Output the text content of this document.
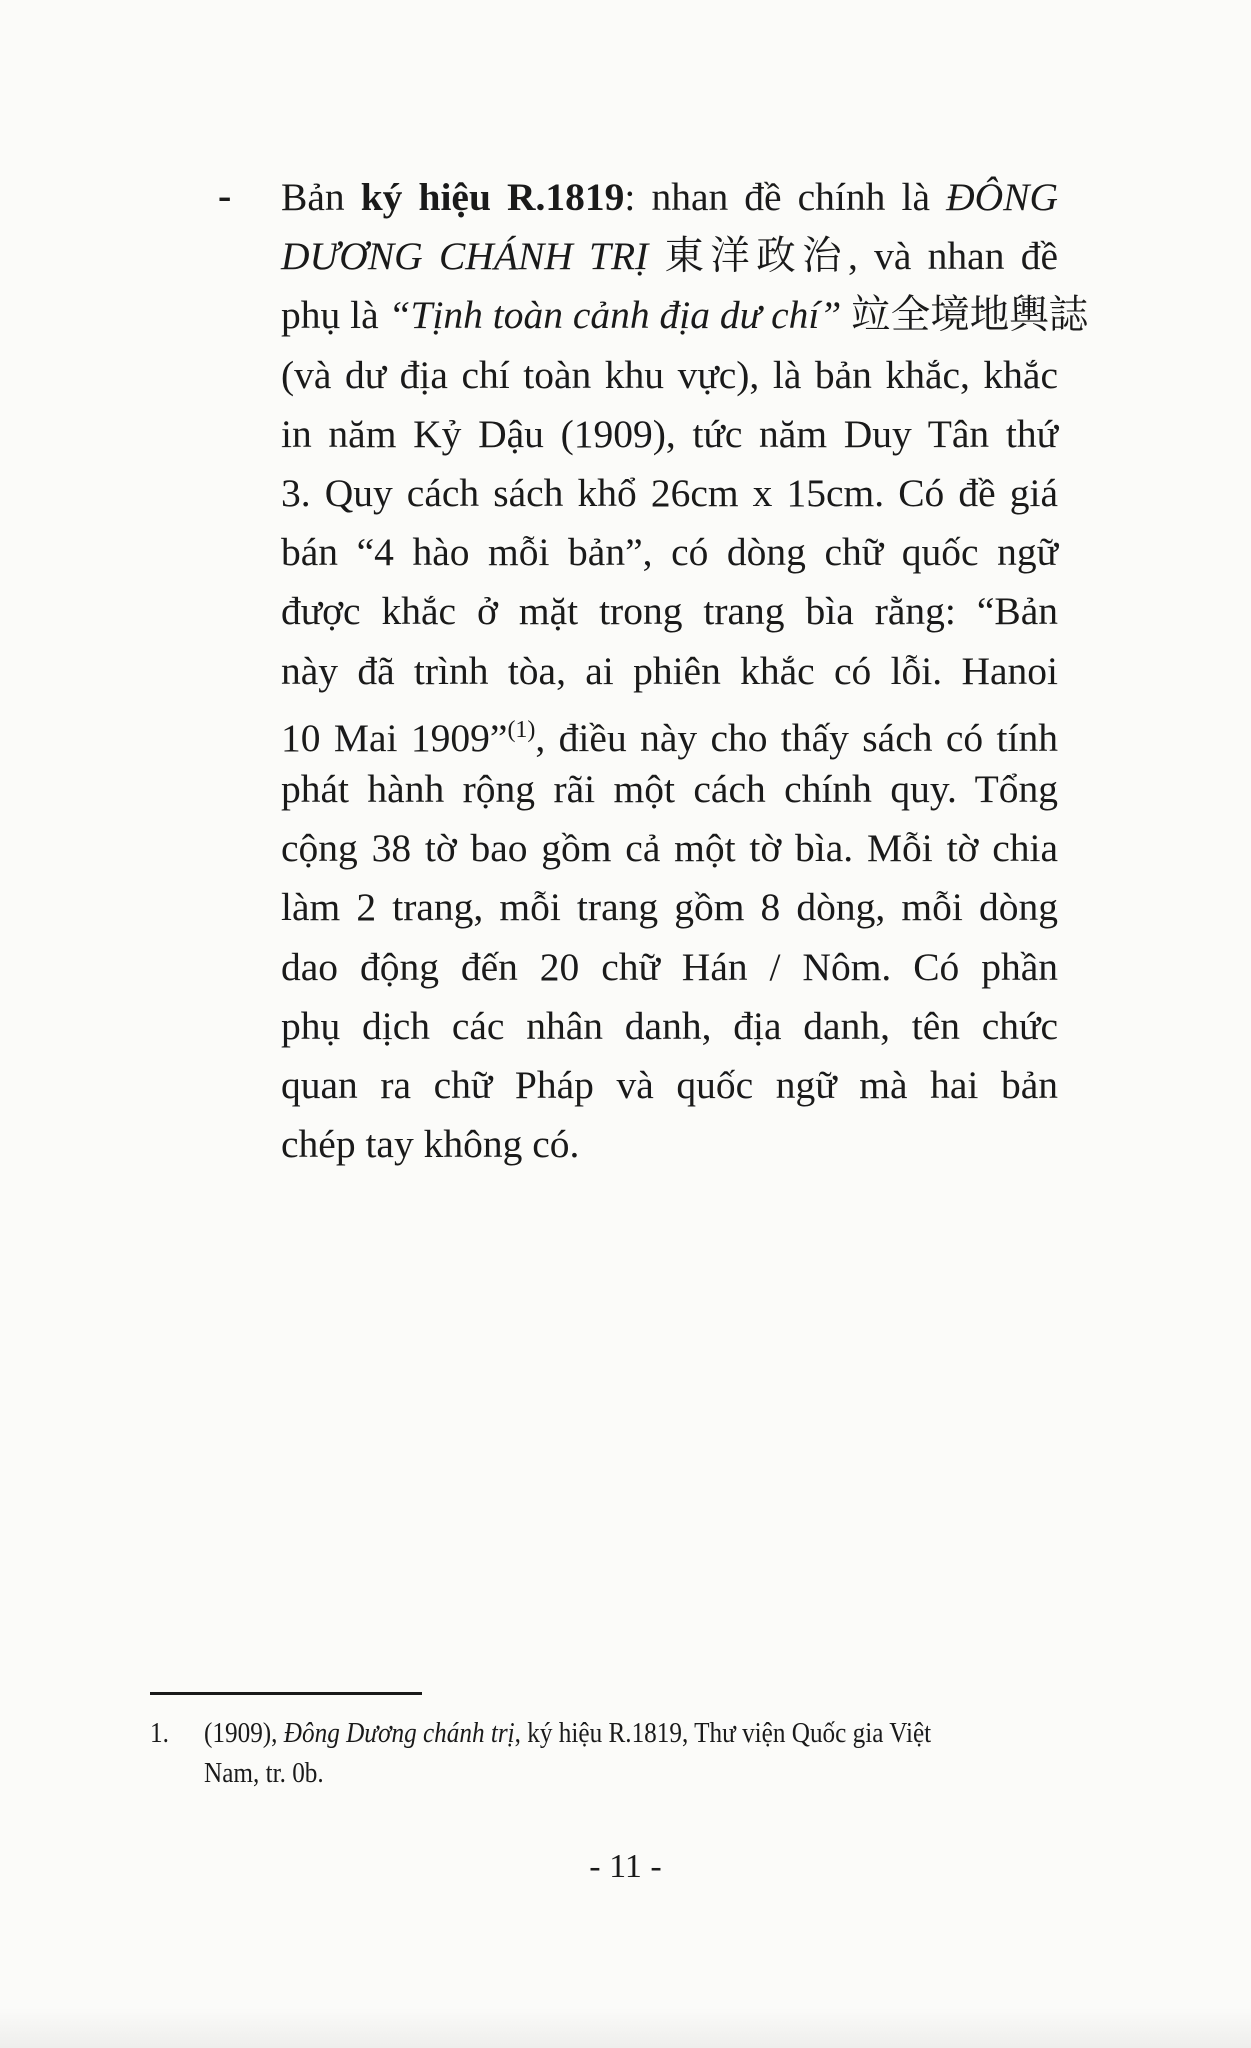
- Bản ký hiệu R.1819: nhan đề chính là ĐÔNG
DƯƠNG CHÁNH TRỊ 東洋政治, và nhan đề
phụ là “Tịnh toàn cảnh địa dư chí” 竝全境地輿誌
(và dư địa chí toàn khu vực), là bản khắc, khắc
in năm Kỷ Dậu (1909), tức năm Duy Tân thứ
3. Quy cách sách khổ 26cm x 15cm. Có đề giá
bán “4 hào mỗi bản”, có dòng chữ quốc ngữ
được khắc ở mặt trong trang bìa rằng: “Bản
này đã trình tòa, ai phiên khắc có lỗi. Hanoi
10 Mai 1909”$^{(1)}$, điều này cho thấy sách có tính
phát hành rộng rãi một cách chính quy. Tổng
cộng 38 tờ bao gồm cả một tờ bìa. Mỗi tờ chia
làm 2 trang, mỗi trang gồm 8 dòng, mỗi dòng
dao động đến 20 chữ Hán / Nôm. Có phần
phụ dịch các nhân danh, địa danh, tên chức
quan ra chữ Pháp và quốc ngữ mà hai bản
chép tay không có.
1. (1909), Đông Dương chánh trị, ký hiệu R.1819, Thư viện Quốc gia Việt
Nam, tr. 0b.
- 11 -
